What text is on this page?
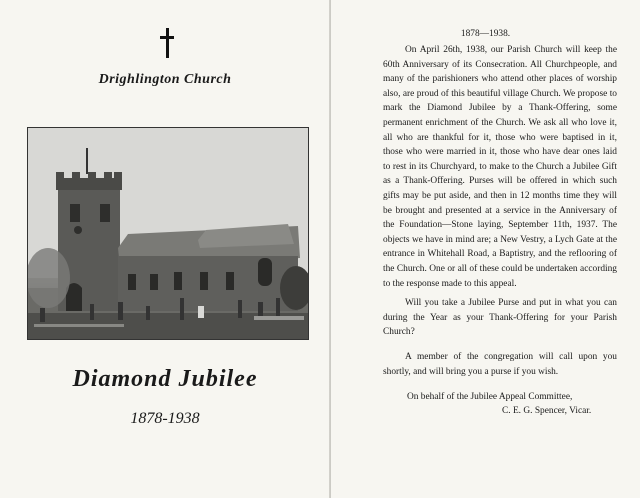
Drighlington Church
Diamond Jubilee
1878-1938
1878—1938.
On April 26th, 1938, our Parish Church will keep the 60th Anniversary of its Consecration. All Churchpeople, and many of the parishioners who attend other places of worship also, are proud of this beautiful village Church. We propose to mark the Diamond Jubilee by a Thank-Offering, some permanent enrichment of the Church. We ask all who love it, all who are thankful for it, those who were baptised in it, those who were married in it, those who have dear ones laid to rest in its Churchyard, to make to the Church a Jubilee Gift as a Thank-Offering. Purses will be offered in which such gifts may be put aside, and then in 12 months time they will be brought and presented at a service in the Anniversary of the Foundation—Stone laying, September 11th, 1937. The objects we have in mind are; a New Vestry, a Lych Gate at the entrance in Whitehall Road, a Baptistry, and the reflooring of the Church. One or all of these could be undertaken according to the response made to this appeal.
Will you take a Jubilee Purse and put in what you can during the Year as your Thank-Offering for your Parish Church?
A member of the congregation will call upon you shortly, and will bring you a purse if you wish.
On behalf of the Jubilee Appeal Committee,
C. E. G. Spencer, Vicar.
